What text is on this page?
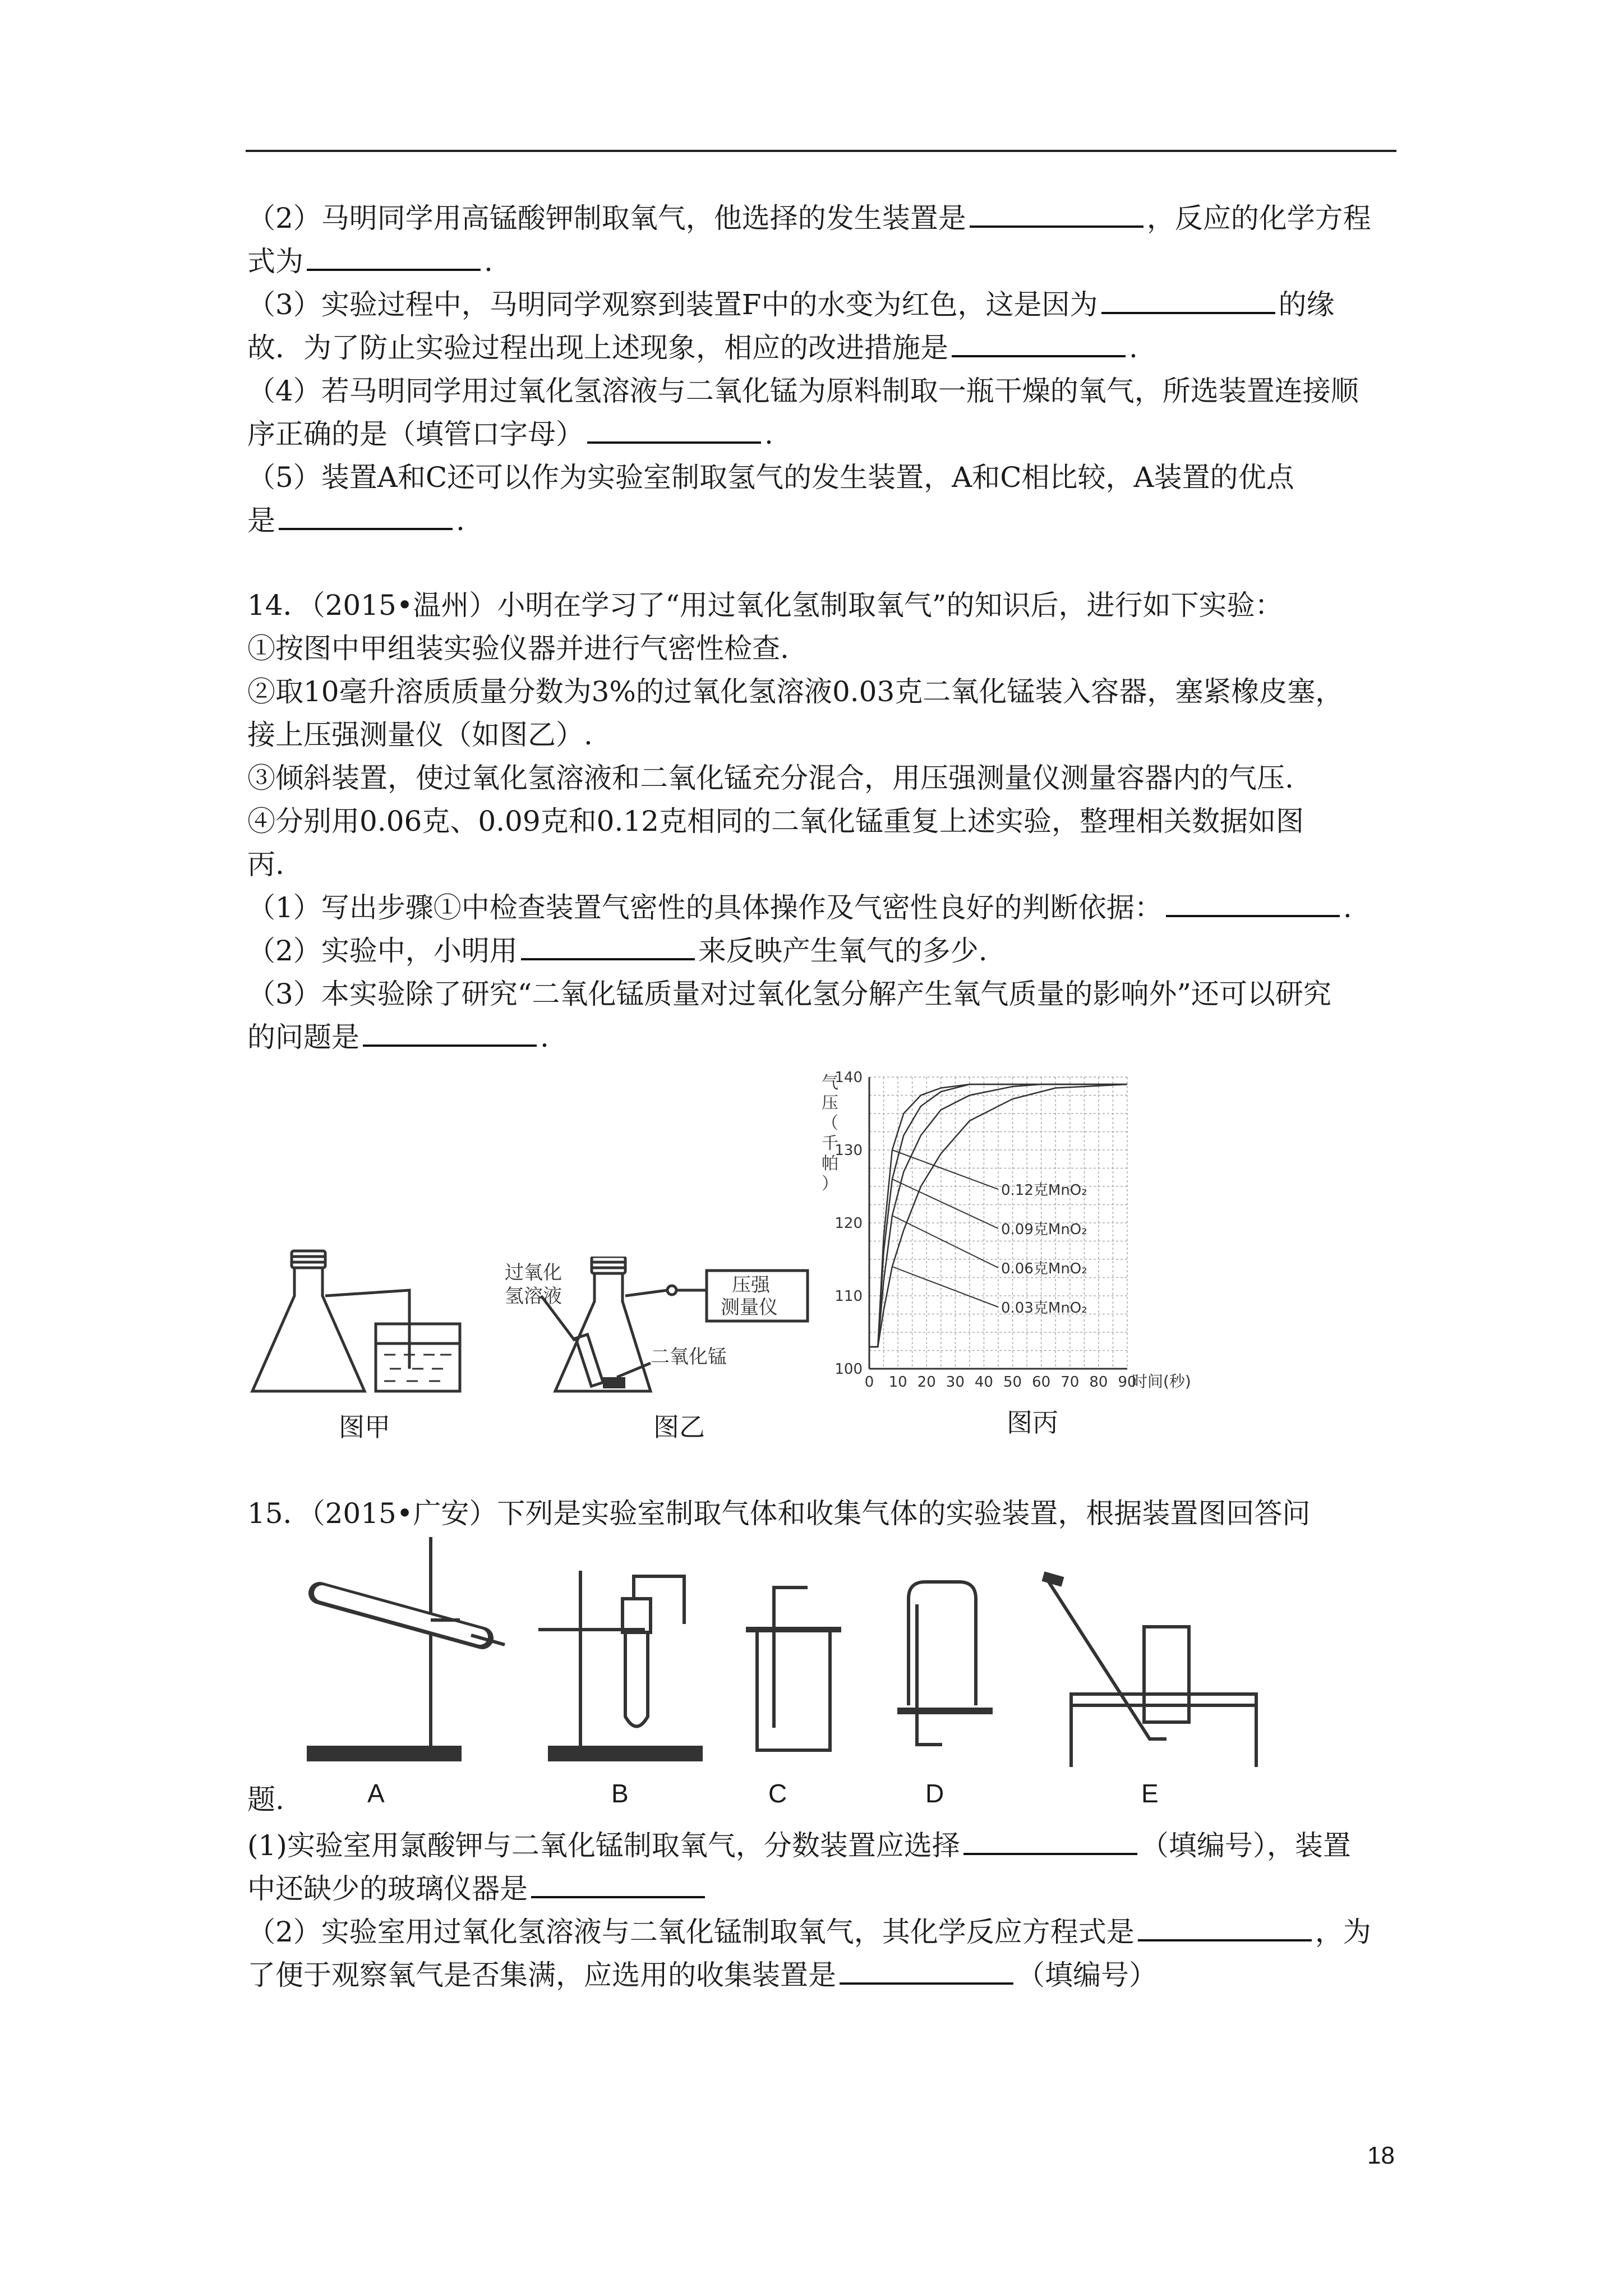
（2）马明同学用高锰酸钾制取氧气，他选择的发生装置是	，反应的化学方程
式为	.
（3）实验过程中，马明同学观察到装置F中的水变为红色，这是因为	的缘
故．为了防止实验过程出现上述现象，相应的改进措施是	.
（4）若马明同学用过氧化氢溶液与二氧化锰为原料制取一瓶干燥的氧气，所选装置连接顺
序正确的是（填管口字母）	.
（5）装置A和C还可以作为实验室制取氢气的发生装置，A和C相比较，A装置的优点
是	.
14．（2015•温州）小明在学习了“用过氧化氢制取氧气”的知识后，进行如下实验：
①按图中甲组装实验仪器并进行气密性检查.
②取10毫升溶质质量分数为3%的过氧化氢溶液0.03克二氧化锰装入容器，塞紧橡皮塞，
接上压强测量仪（如图乙）.
③倾斜装置，使过氧化氢溶液和二氧化锰充分混合，用压强测量仪测量容器内的气压.
④分别用0.06克、0.09克和0.12克相同的二氧化锰重复上述实验，整理相关数据如图
丙.
（1）写出步骤①中检查装置气密性的具体操作及气密性良好的判断依据：	.
（2）实验中，小明用	来反映产生氧气的多少.
（3）本实验除了研究“二氧化锰质量对过氧化氢分解产生氧气质量的影响外”还可以研究
的问题是	.
图甲
过氧化
氢溶液
二氧化锰
压强
测量仪
图乙
0.12克MnO₂
0.09克MnO₂
0.06克MnO₂
0.03克MnO₂
0 10 20 30 40 50 60 70 80 90
100
110
120
130
140
时间(秒)
气
压
（
千
帕
）
图丙
15．（2015•广安）下列是实验室制取气体和收集气体的实验装置，根据装置图回答问
A	B	C	D	E
题.
(1)实验室用氯酸钾与二氧化锰制取氧气，分数装置应选择	（填编号），装置
中还缺少的玻璃仪器是
（2）实验室用过氧化氢溶液与二氧化锰制取氧气，其化学反应方程式是	，为
了便于观察氧气是否集满，应选用的收集装置是	（填编号）
18
